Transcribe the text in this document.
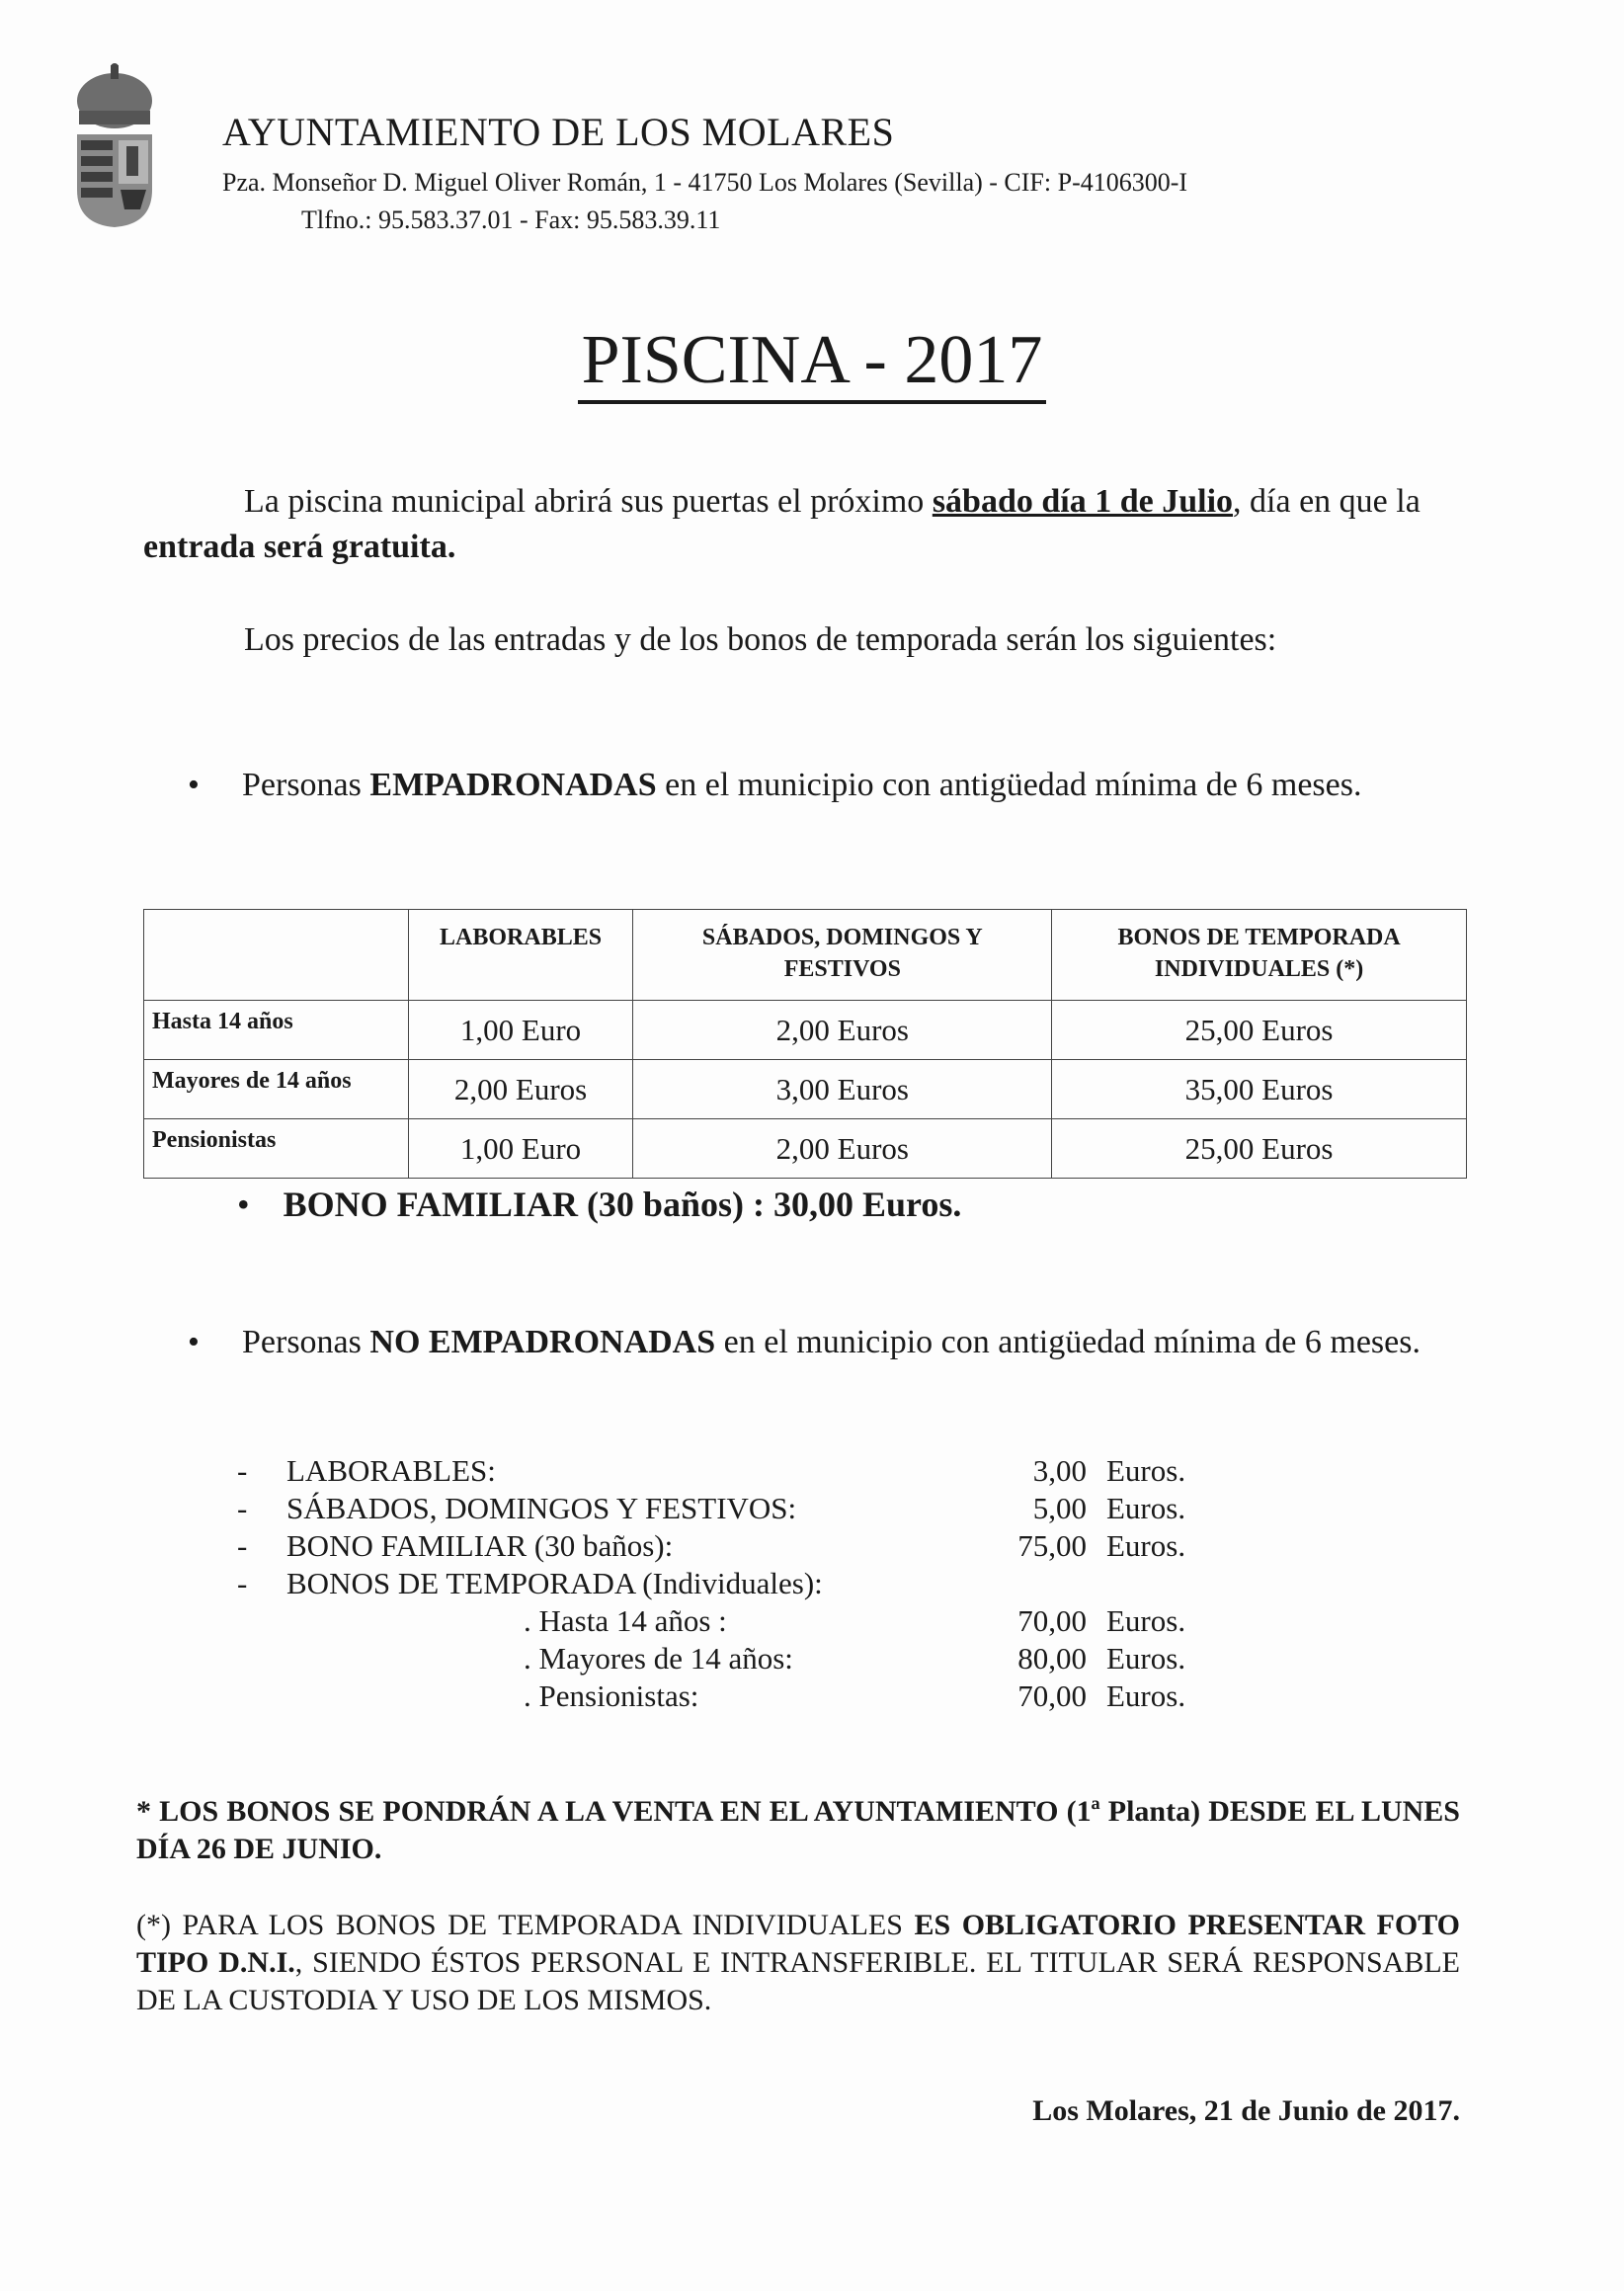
AYUNTAMIENTO DE LOS MOLARES
Pza. Monseñor D. Miguel Oliver Román, 1 - 41750 Los Molares (Sevilla) - CIF: P-4106300-I
Tlfno.: 95.583.37.01 - Fax: 95.583.39.11
PISCINA - 2017
La piscina municipal abrirá sus puertas el próximo sábado día 1 de Julio, día en que la entrada será gratuita.
Los precios de las entradas y de los bonos de temporada serán los siguientes:
• Personas EMPADRONADAS en el municipio con antigüedad mínima de 6 meses.
	LABORABLES	SÁBADOS, DOMINGOS Y FESTIVOS	BONOS DE TEMPORADA INDIVIDUALES (*)
Hasta 14 años	1,00 Euro	2,00 Euros	25,00 Euros
Mayores de 14 años	2,00 Euros	3,00 Euros	35,00 Euros
Pensionistas	1,00 Euro	2,00 Euros	25,00 Euros
• BONO FAMILIAR (30 baños) : 30,00 Euros.
• Personas NO EMPADRONADAS en el municipio con antigüedad mínima de 6 meses.
- LABORABLES:	3,00 Euros.
- SÁBADOS, DOMINGOS Y FESTIVOS:	5,00 Euros.
- BONO FAMILIAR (30 baños):	75,00 Euros.
- BONOS DE TEMPORADA (Individuales):
. Hasta 14 años :	70,00 Euros.
. Mayores de 14 años:	80,00 Euros.
. Pensionistas:	70,00 Euros.
* LOS BONOS SE PONDRÁN A LA VENTA EN EL AYUNTAMIENTO (1ª Planta) DESDE EL LUNES DÍA 26 DE JUNIO.
(*) PARA LOS BONOS DE TEMPORADA INDIVIDUALES ES OBLIGATORIO PRESENTAR FOTO TIPO D.N.I., SIENDO ÉSTOS PERSONAL E INTRANSFERIBLE. EL TITULAR SERÁ RESPONSABLE DE LA CUSTODIA Y USO DE LOS MISMOS.
Los Molares, 21 de Junio de 2017.
